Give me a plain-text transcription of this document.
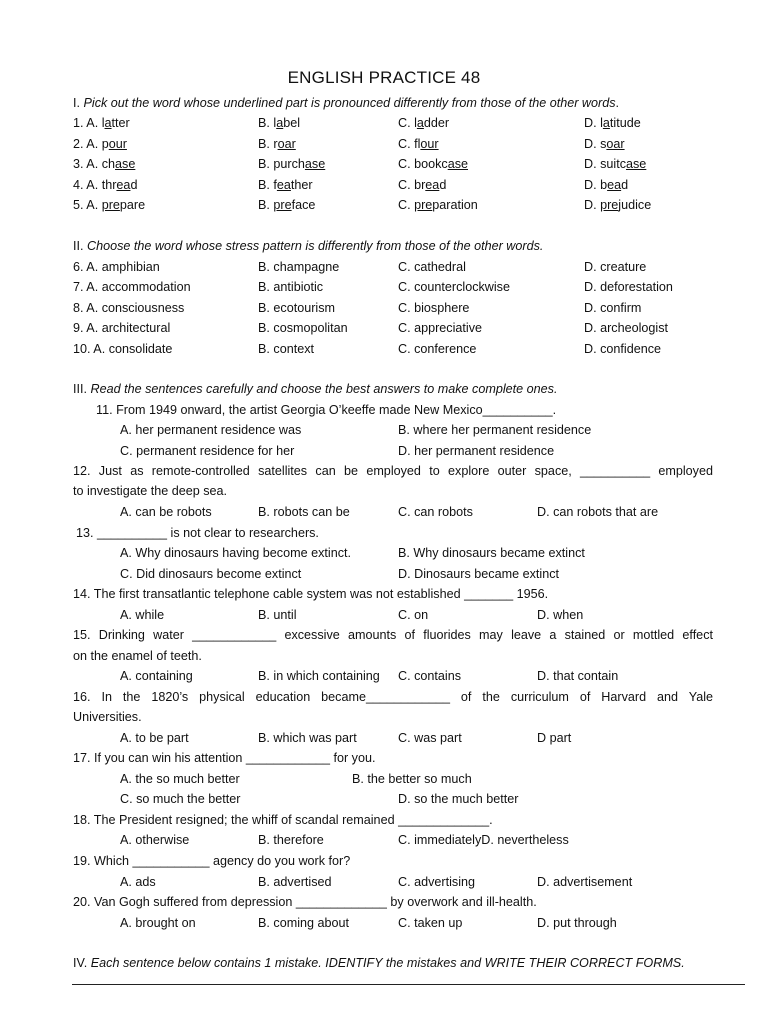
ENGLISH PRACTICE 48
I. Pick out the word whose underlined part is pronounced differently from those of the other words.
1. A. latter	B. label	C. ladder	D. latitude
2. A. pour	B. roar	C. flour	D. soar
3. A. chase	B. purchase	C. bookcase	D. suitcase
4. A. thread	B. feather	C. bread	D. bead
5. A. prepare	B. preface	C. preparation	D. prejudice
II. Choose the word whose stress pattern is differently from those of the other words.
6. A. amphibian	B. champagne	C. cathedral	D. creature
7. A. accommodation	B. antibiotic	C. counterclockwise	D. deforestation
8. A. consciousness	B. ecotourism	C. biosphere	D. confirm
9. A. architectural	B. cosmopolitan	C. appreciative	D. archeologist
10. A. consolidate	B. context	C. conference	D. confidence
III. Read the sentences carefully and choose the best answers to make complete ones.
11. From 1949 onward, the artist Georgia O’keeffe made New Mexico__________.
A. her permanent residence was	B. where her permanent residence
C. permanent residence for her	D. her permanent residence
12. Just as remote-controlled satellites can be employed to explore outer space, __________ employed
to investigate the deep sea.
A. can be robots	B. robots can be	C. can robots	D. can robots that are
13. __________ is not clear to researchers.
A. Why dinosaurs having become extinct.	B. Why dinosaurs became extinct
C. Did dinosaurs become extinct	D. Dinosaurs became extinct
14. The first transatlantic telephone cable system was not established _______ 1956.
A. while	B. until	C. on	D. when
15. Drinking water ____________ excessive amounts of fluorides may leave a stained or mottled effect
on the enamel of teeth.
A. containing	B. in which containing C. contains	D. that contain
16. In the 1820’s physical education became____________ of the curriculum of Harvard and Yale
Universities.
A. to be part	B. which was part	C. was part	D part
17. If you can win his attention ____________ for you.
A. the so much better	B. the better so much
C. so much the better	D. so the much better
18. The President resigned; the whiff of scandal remained _____________.
A. otherwise	B. therefore	C. immediatelyD. nevertheless
19. Which ___________ agency do you work for?
A. ads	B. advertised	C. advertising	D. advertisement
20. Van Gogh suffered from depression _____________ by overwork and ill-health.
A. brought on	B. coming about	C. taken up	D. put through
IV. Each sentence below contains 1 mistake. IDENTIFY the mistakes and WRITE THEIR CORRECT FORMS.
